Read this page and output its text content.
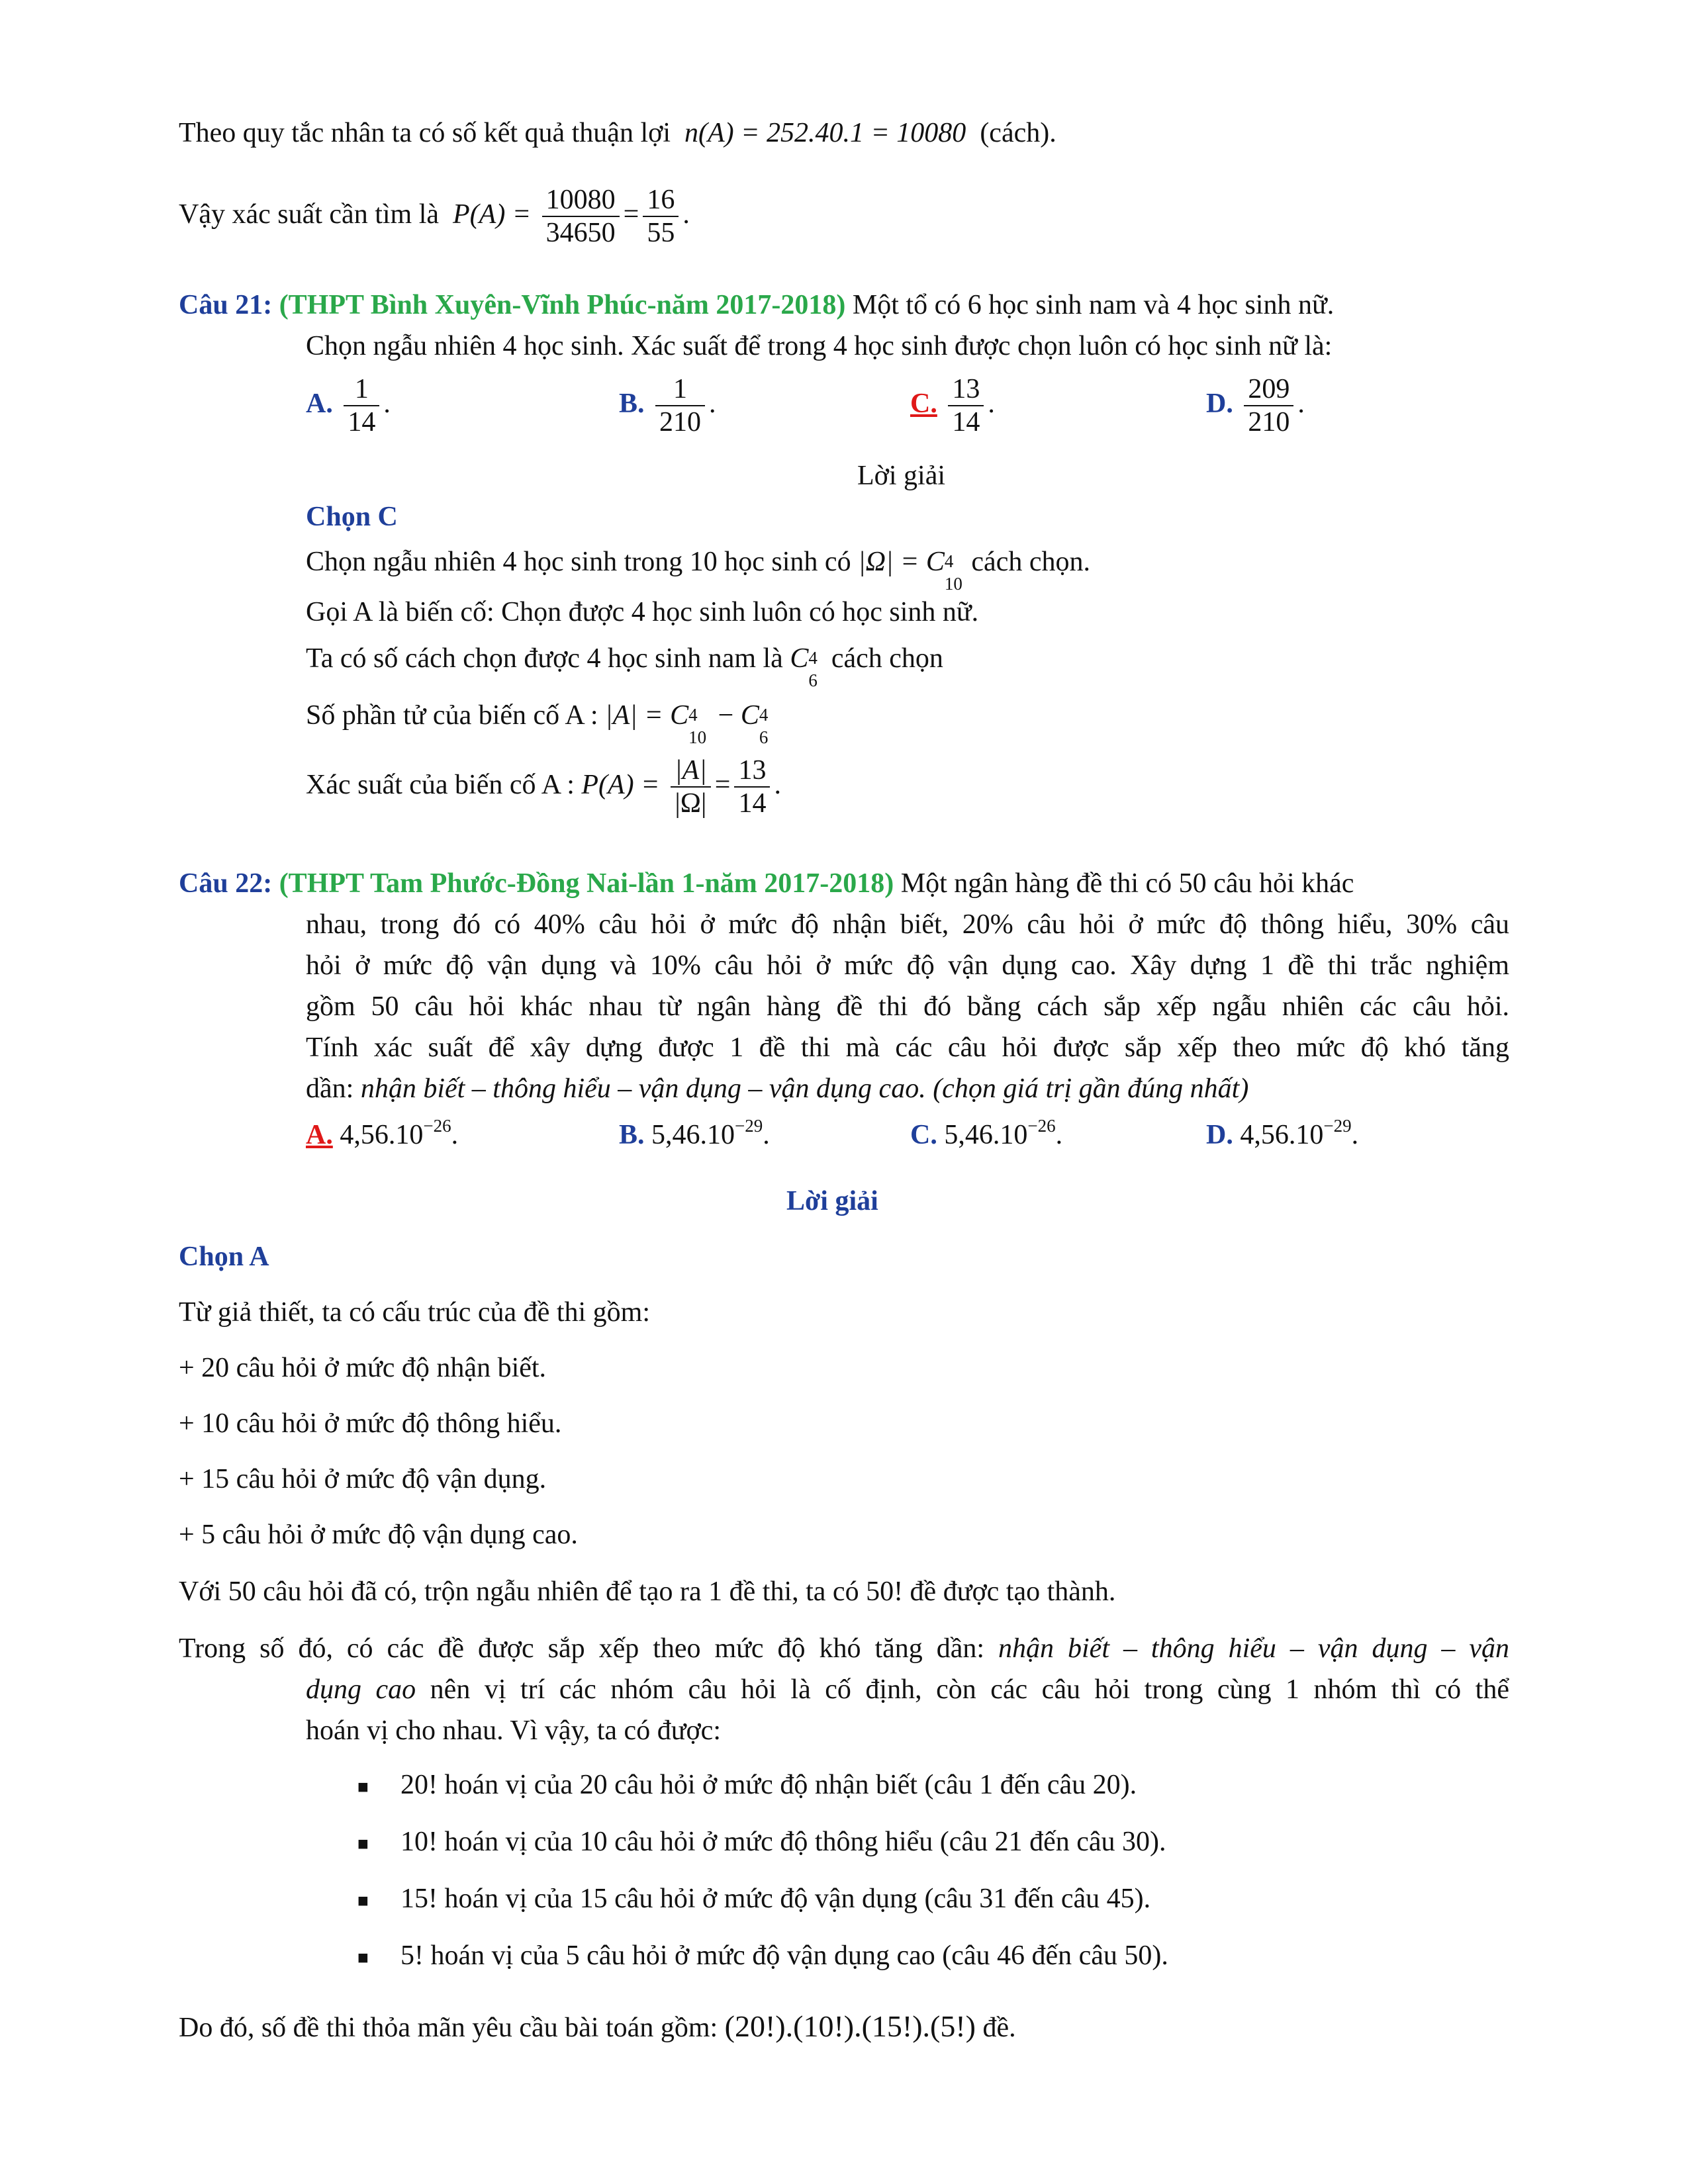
Theo quy tắc nhân ta có số kết quả thuận lợi n(A) = 252.40.1 = 10080 (cách).
Vậy xác suất cần tìm là $P(A) = \frac{10080}{34650} = \frac{16}{55}$ .
Câu 21: (THPT Bình Xuyên-Vĩnh Phúc-năm 2017-2018) Một tổ có 6 học sinh nam và 4 học sinh nữ.
Chọn ngẫu nhiên 4 học sinh. Xác suất để trong 4 học sinh được chọn luôn có học sinh nữ là:
A. $\frac{1}{14}$ .	B. $\frac{1}{210}$ .	C. $\frac{13}{14}$ .	D. $\frac{209}{210}$ .
Lời giải
Chọn C
Chọn ngẫu nhiên 4 học sinh trong 10 học sinh có |Ω| = C 4
10
cách chọn.
Gọi A là biến cố: Chọn được 4 học sinh luôn có học sinh nữ.
Ta có số cách chọn được 4 học sinh nam là C 4
6
cách chọn
Số phần tử của biến cố A : |A| = C 4
10
− C 4
6
Xác suất của biến cố A : $P(A) = \frac{|A|}{|\Omega|} = \frac{13}{14}$ .
Câu 22: (THPT Tam Phước-Đồng Nai-lần 1-năm 2017-2018) Một ngân hàng đề thi có 50 câu hỏi khác
nhau, trong đó có 40% câu hỏi ở mức độ nhận biết, 20% câu hỏi ở mức độ thông hiểu, 30% câu
hỏi ở mức độ vận dụng và 10% câu hỏi ở mức độ vận dụng cao. Xây dựng 1 đề thi trắc nghiệm
gồm 50 câu hỏi khác nhau từ ngân hàng đề thi đó bằng cách sắp xếp ngẫu nhiên các câu hỏi.
Tính xác suất để xây dựng được 1 đề thi mà các câu hỏi được sắp xếp theo mức độ khó tăng
dần: nhận biết – thông hiểu – vận dụng – vận dụng cao. (chọn giá trị gần đúng nhất)
A. $4,56.10^{-26}$.	B. $5,46.10^{-29}$.	C. $5,46.10^{-26}$.	D. $4,56.10^{-29}$.
Lời giải
Chọn A
Từ giả thiết, ta có cấu trúc của đề thi gồm:
+ 20 câu hỏi ở mức độ nhận biết.
+ 10 câu hỏi ở mức độ thông hiểu.
+ 15 câu hỏi ở mức độ vận dụng.
+ 5 câu hỏi ở mức độ vận dụng cao.
Với 50 câu hỏi đã có, trộn ngẫu nhiên để tạo ra 1 đề thi, ta có 50! đề được tạo thành.
Trong số đó, có các đề được sắp xếp theo mức độ khó tăng dần: nhận biết – thông hiểu – vận dụng – vận
dụng cao nên vị trí các nhóm câu hỏi là cố định, còn các câu hỏi trong cùng 1 nhóm thì có thể
hoán vị cho nhau. Vì vậy, ta có được:
■ 20! hoán vị của 20 câu hỏi ở mức độ nhận biết (câu 1 đến câu 20).
■ 10! hoán vị của 10 câu hỏi ở mức độ thông hiểu (câu 21 đến câu 30).
■ 15! hoán vị của 15 câu hỏi ở mức độ vận dụng (câu 31 đến câu 45).
■ 5! hoán vị của 5 câu hỏi ở mức độ vận dụng cao (câu 46 đến câu 50).
Do đó, số đề thi thỏa mãn yêu cầu bài toán gồm: (20!).(10!).(15!).(5!) đề.
